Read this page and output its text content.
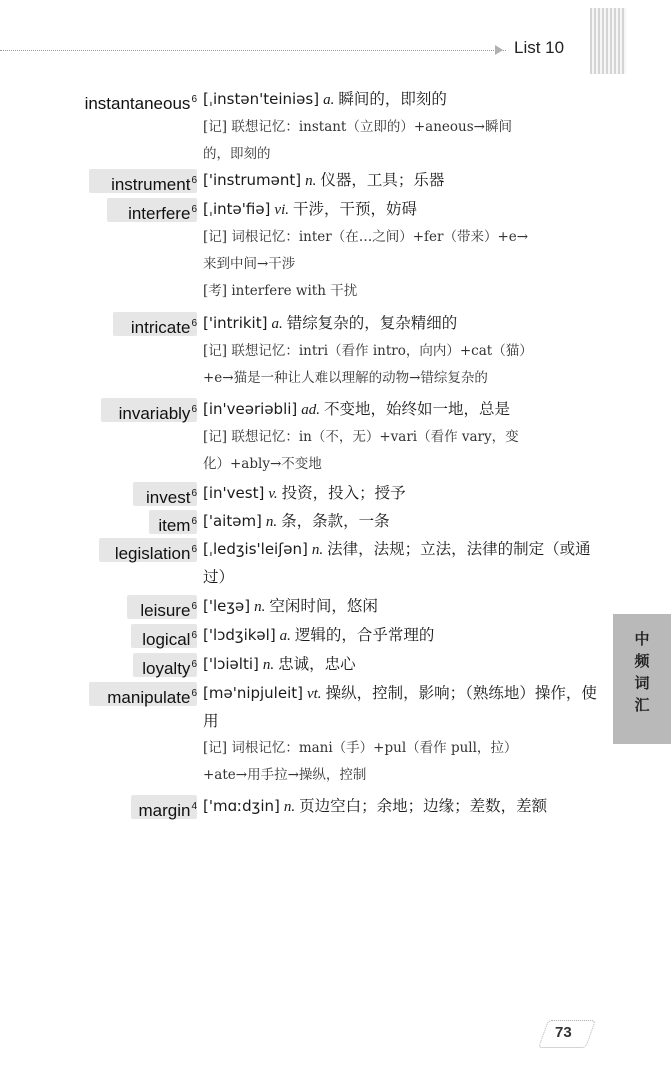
List 10
中
频
词
汇
instantaneous$^6$ [ˌinstən'teiniəs] a. 瞬间的，即刻的
[记] 联想记忆：instant（立即的）+aneous→瞬间
的，即刻的
instrument$^6$ ['instrumənt] n. 仪器，工具；乐器
interfere$^6$ [ˌintə'fiə] vi. 干涉，干预，妨碍
[记] 词根记忆：inter（在…之间）+fer（带来）+e→
来到中间→干涉
[考] interfere with 干扰
intricate$^6$ ['intrikit] a. 错综复杂的，复杂精细的
[记] 联想记忆：intri（看作 intro，向内）+cat（猫）
+e→猫是一种让人难以理解的动物→错综复杂的
invariably$^6$ [in'veəriəbli] ad. 不变地，始终如一地，总是
[记] 联想记忆：in（不，无）+vari（看作 vary，变
化）+ably→不变地
invest$^6$ [in'vest] v. 投资，投入；授予
item$^6$ ['aitəm] n. 条，条款，一条
legislation$^6$ [ˌledʒis'leiʃən] n. 法律，法规；立法，法律的制定（或通过）
leisure$^6$ ['leʒə] n. 空闲时间，悠闲
logical$^6$ ['lɔdʒikəl] a. 逻辑的，合乎常理的
loyalty$^6$ ['lɔiəlti] n. 忠诚，忠心
manipulate$^6$ [mə'nipjuleit] vt. 操纵，控制，影响；（熟练地）操作，使用
[记] 词根记忆：mani（手）+pul（看作 pull，拉）
+ate→用手拉→操纵，控制
margin$^4$ ['mɑːdʒin] n. 页边空白；余地；边缘；差数，差额
73
